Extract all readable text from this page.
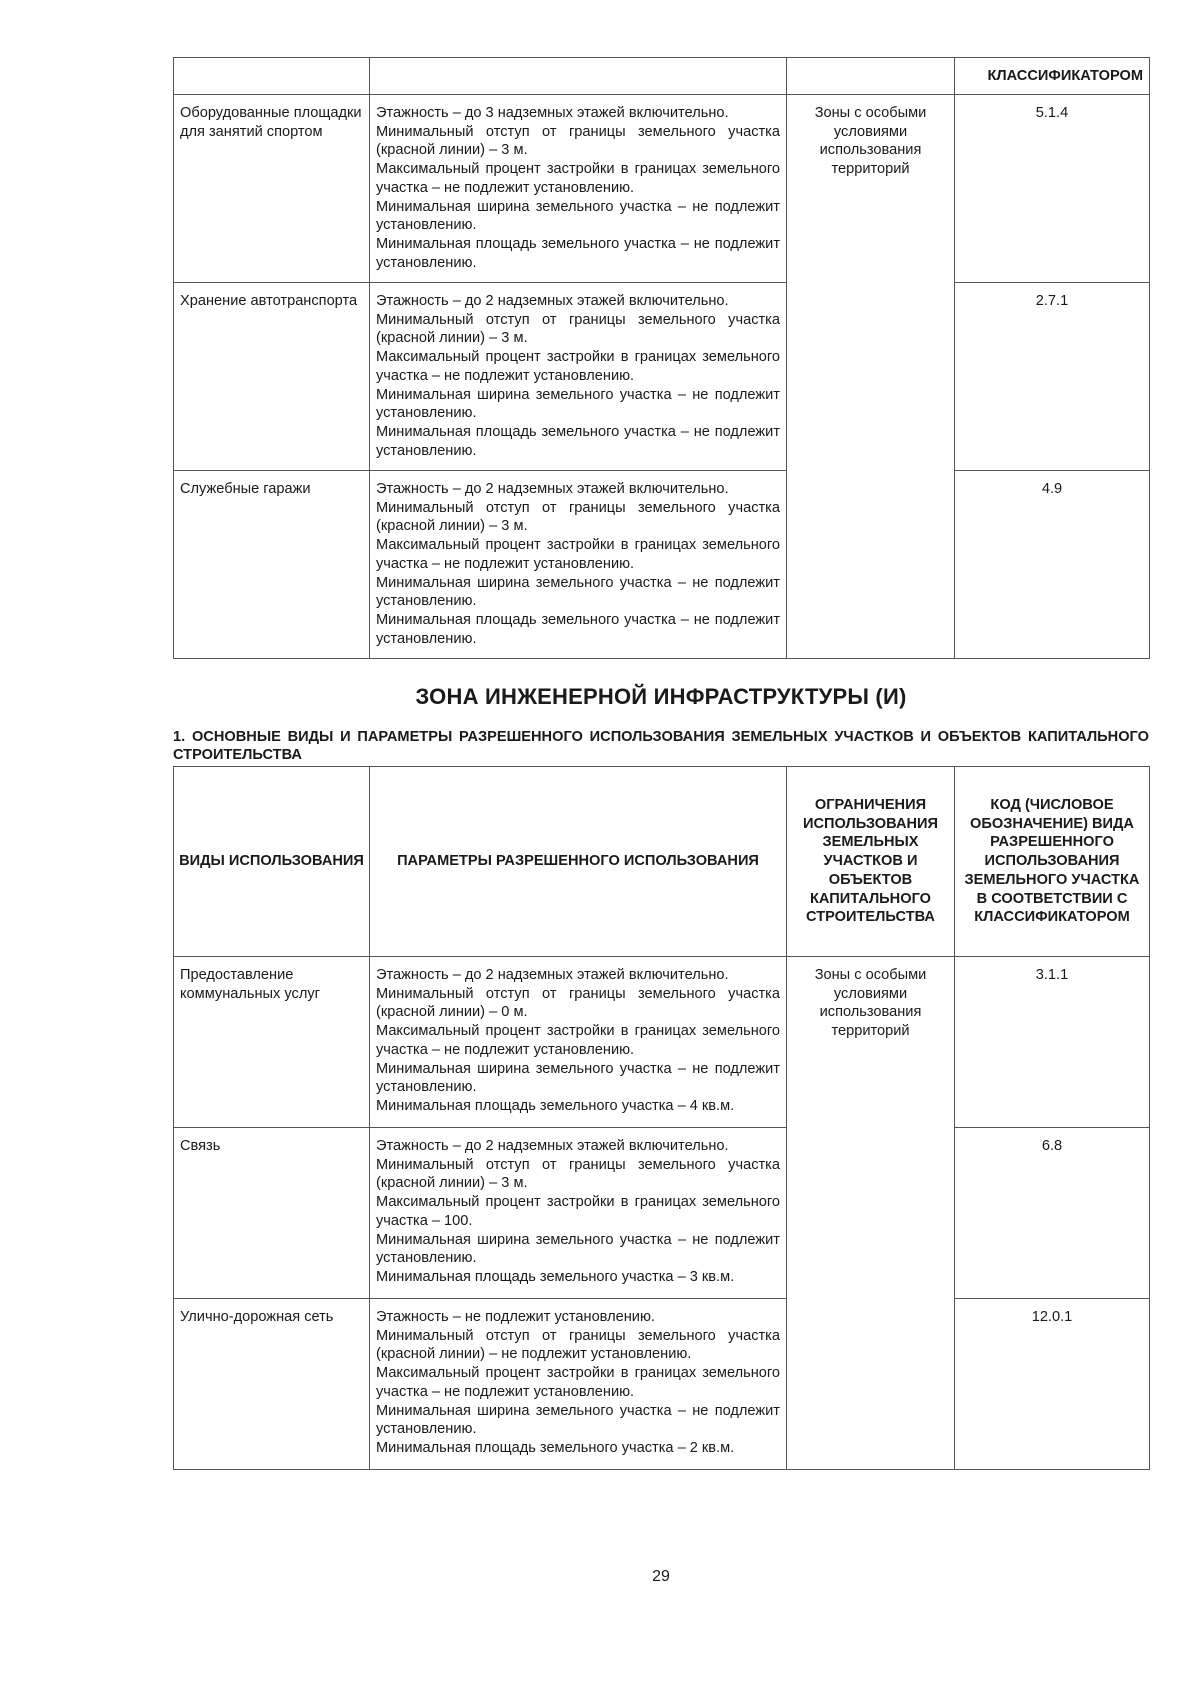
			КЛАССИФИКАТОРОМ
Оборудованные площадки для занятий спортом	Этажность – до 3 надземных этажей включительно.
Минимальный отступ от границы земельного участка (красной линии) – 3 м.
Максимальный процент застройки в границах земельного участка – не подлежит установлению.
Минимальная ширина земельного участка – не подлежит установлению.
Минимальная площадь земельного участка – не подлежит установлению.	Зоны с особыми условиями использования территорий	5.1.4
Хранение автотранспорта	Этажность – до 2 надземных этажей включительно.
Минимальный отступ от границы земельного участка (красной линии) – 3 м.
Максимальный процент застройки в границах земельного участка – не подлежит установлению.
Минимальная ширина земельного участка – не подлежит установлению.
Минимальная площадь земельного участка – не подлежит установлению.		2.7.1
Служебные гаражи	Этажность – до 2 надземных этажей включительно.
Минимальный отступ от границы земельного участка (красной линии) – 3 м.
Максимальный процент застройки в границах земельного участка – не подлежит установлению.
Минимальная ширина земельного участка – не подлежит установлению.
Минимальная площадь земельного участка – не подлежит установлению.		4.9
ЗОНА ИНЖЕНЕРНОЙ ИНФРАСТРУКТУРЫ (И)
1. ОСНОВНЫЕ ВИДЫ И ПАРАМЕТРЫ РАЗРЕШЕННОГО ИСПОЛЬЗОВАНИЯ ЗЕМЕЛЬНЫХ УЧАСТКОВ И ОБЪЕКТОВ КАПИТАЛЬНОГО СТРОИТЕЛЬСТВА
ВИДЫ ИСПОЛЬЗОВАНИЯ	ПАРАМЕТРЫ РАЗРЕШЕННОГО ИСПОЛЬЗОВАНИЯ	ОГРАНИЧЕНИЯ ИСПОЛЬЗОВАНИЯ ЗЕМЕЛЬНЫХ УЧАСТКОВ И ОБЪЕКТОВ КАПИТАЛЬНОГО СТРОИТЕЛЬСТВА	КОД (ЧИСЛОВОЕ ОБОЗНАЧЕНИЕ) ВИДА РАЗРЕШЕННОГО ИСПОЛЬЗОВАНИЯ ЗЕМЕЛЬНОГО УЧАСТКА В СООТВЕТСТВИИ С КЛАССИФИКАТОРОМ
Предоставление коммунальных услуг	Этажность – до 2 надземных этажей включительно.
Минимальный отступ от границы земельного участка (красной линии) – 0 м.
Максимальный процент застройки в границах земельного участка – не подлежит установлению.
Минимальная ширина земельного участка – не подлежит установлению.
Минимальная площадь земельного участка – 4 кв.м.	Зоны с особыми условиями использования территорий	3.1.1
Связь	Этажность – до 2 надземных этажей включительно.
Минимальный отступ от границы земельного участка (красной линии) – 3 м.
Максимальный процент застройки в границах земельного участка – 100.
Минимальная ширина земельного участка – не подлежит установлению.
Минимальная площадь земельного участка – 3 кв.м.		6.8
Улично-дорожная сеть	Этажность – не подлежит установлению.
Минимальный отступ от границы земельного участка (красной линии) – не подлежит установлению.
Максимальный процент застройки в границах земельного участка – не подлежит установлению.
Минимальная ширина земельного участка – не подлежит установлению.
Минимальная площадь земельного участка – 2 кв.м.		12.0.1
29
